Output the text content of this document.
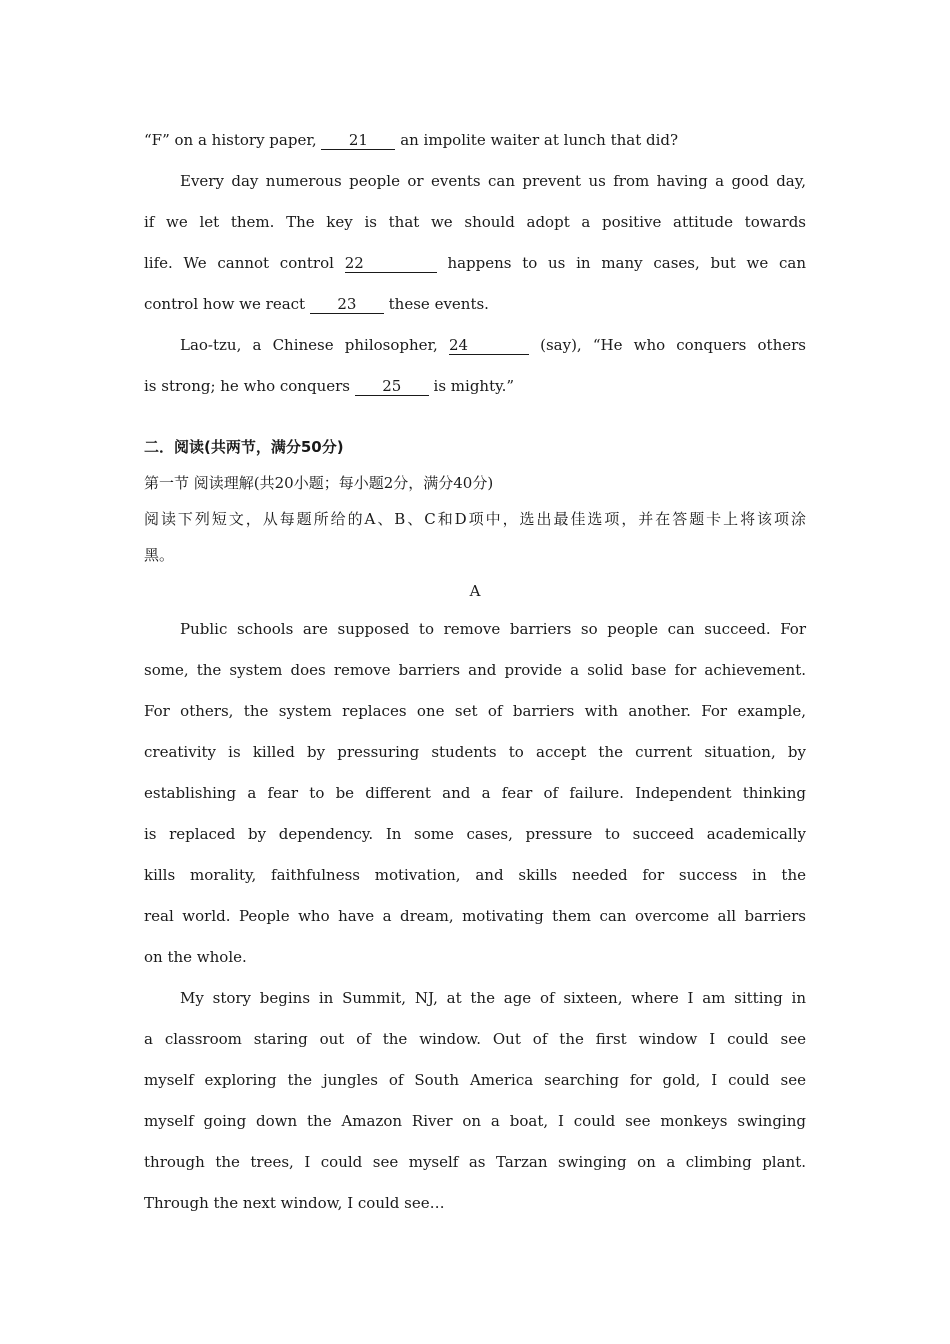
“F” on a history paper, 21 an impolite waiter at lunch that did?
Every day numerous people or events can prevent us from having a good day,
if we let them. The key is that we should adopt a positive attitude towards
life. We cannot control 22	happens to us in many cases, but we can
control how we react 23 these events.
Lao-tzu, a Chinese philosopher, 24	(say), “He who conquers others
is strong; he who conquers 25 is mighty.”
二．阅读(共两节，满分50分)
第一节 阅读理解(共20小题；每小题2分，满分40分)
阅读下列短文，从每题所给的A、B、C和D项中，选出最佳选项，并在答题卡上将该项涂
黑。
A
Public schools are supposed to remove barriers so people can succeed. For
some, the system does remove barriers and provide a solid base for achievement.
For others, the system replaces one set of barriers with another. For example,
creativity is killed by pressuring students to accept the current situation, by
establishing a fear to be different and a fear of failure. Independent thinking
is replaced by dependency. In some cases, pressure to succeed academically
kills morality, faithfulness motivation, and skills needed for success in the
real world. People who have a dream, motivating them can overcome all barriers
on the whole.
My story begins in Summit, NJ, at the age of sixteen, where I am sitting in
a classroom staring out of the window. Out of the first window I could see
myself exploring the jungles of South America searching for gold, I could see
myself going down the Amazon River on a boat, I could see monkeys swinging
through the trees, I could see myself as Tarzan swinging on a climbing plant.
Through the next window, I could see…
